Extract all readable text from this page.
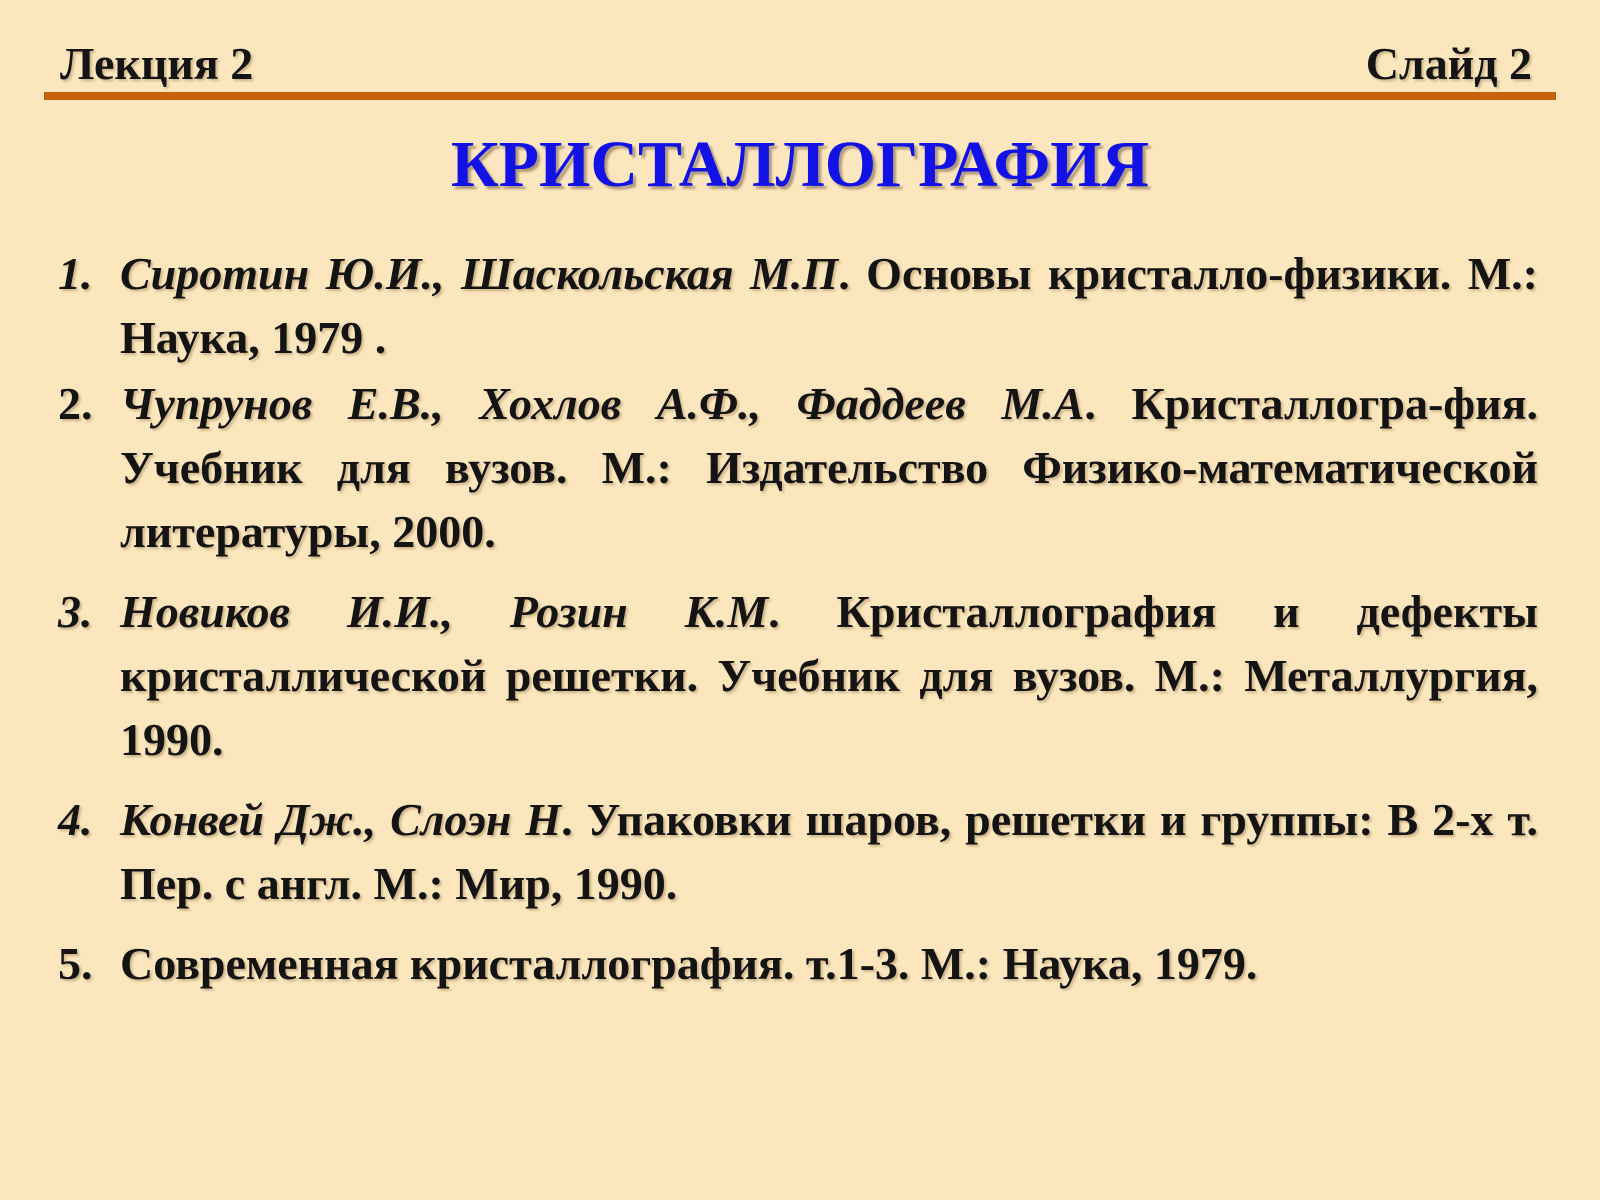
Лекция 2	Слайд 2
КРИСТАЛЛОГРАФИЯ
1. Сиротин Ю.И., Шаскольская М.П. Основы кристалло-физики. М.: Наука, 1979 .
2. Чупрунов Е.В., Хохлов А.Ф., Фаддеев М.А. Кристаллогра-фия. Учебник для вузов. М.: Издательство Физико-математической литературы, 2000.
3. Новиков И.И., Розин К.М. Кристаллография и дефекты кристаллической решетки. Учебник для вузов. М.: Металлургия, 1990.
4. Конвей Дж., Слоэн Н. Упаковки шаров, решетки и группы: В 2-х т. Пер. с англ. М.: Мир, 1990.
5. Современная кристаллография. т.1-3. М.: Наука, 1979.
